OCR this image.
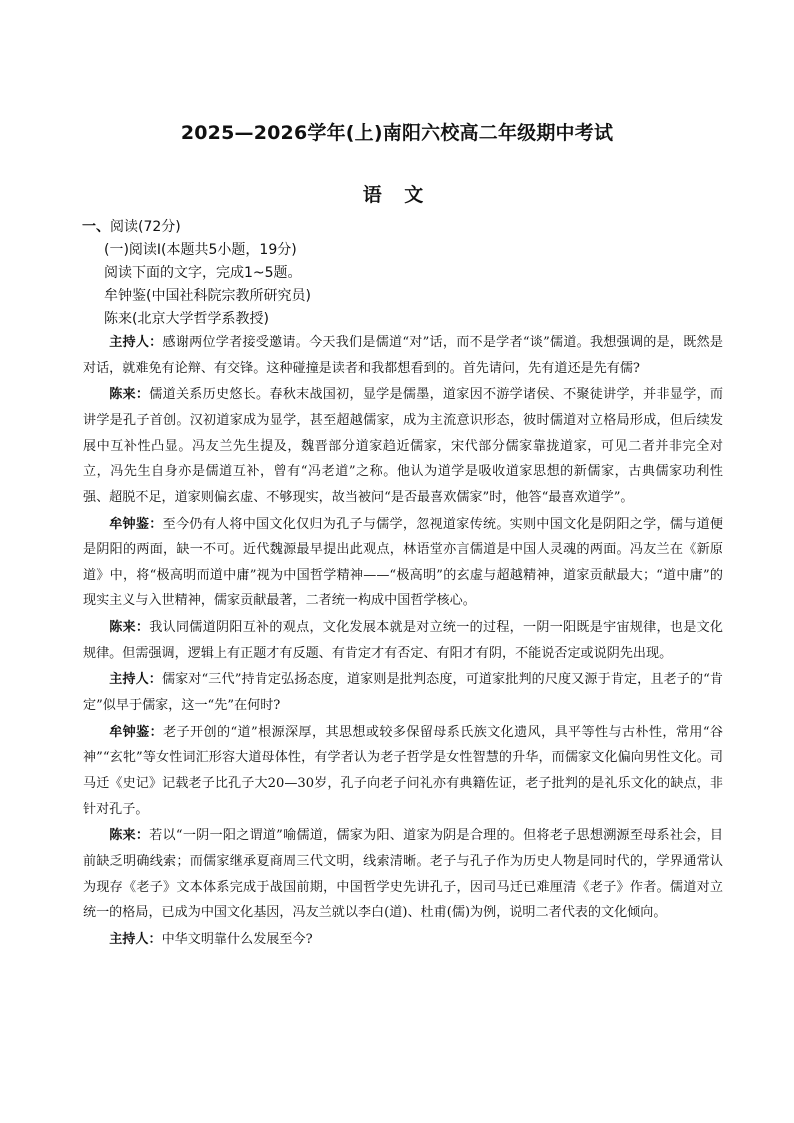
2025—2026学年(上)南阳六校高二年级期中考试
语 文
一、阅读(72分)
(一)阅读Ⅰ(本题共5小题，19分)
阅读下面的文字，完成1~5题。
牟钟鉴(中国社科院宗教所研究员)
陈来(北京大学哲学系教授)

主持人：感谢两位学者接受邀请。今天我们是儒道“对”话，而不是学者“谈”儒道。我想强调的是，既然是对话，就难免有论辩、有交锋。这种碰撞是读者和我都想看到的。首先请问，先有道还是先有儒?

陈来：儒道关系历史悠长。春秋末战国初，显学是儒墨，道家因不游学诸侯、不聚徒讲学，并非显学，而讲学是孔子首创。汉初道家成为显学，甚至超越儒家，成为主流意识形态，彼时儒道对立格局形成，但后续发展中互补性凸显。冯友兰先生提及，魏晋部分道家趋近儒家，宋代部分儒家靠拢道家，可见二者并非完全对立，冯先生自身亦是儒道互补，曾有“冯老道”之称。他认为道学是吸收道家思想的新儒家，古典儒家功利性强、超脱不足，道家则偏玄虚、不够现实，故当被问“是否最喜欢儒家”时，他答“最喜欢道学”。

牟钟鉴：至今仍有人将中国文化仅归为孔子与儒学，忽视道家传统。实则中国文化是阴阳之学，儒与道便是阴阳的两面，缺一不可。近代魏源最早提出此观点，林语堂亦言儒道是中国人灵魂的两面。冯友兰在《新原道》中，将“极高明而道中庸”视为中国哲学精神——“极高明”的玄虚与超越精神，道家贡献最大；“道中庸”的现实主义与入世精神，儒家贡献最著，二者统一构成中国哲学核心。

陈来：我认同儒道阴阳互补的观点，文化发展本就是对立统一的过程，一阴一阳既是宇宙规律，也是文化规律。但需强调，逻辑上有正题才有反题、有肯定才有否定、有阳才有阴，不能说否定或说阴先出现。

主持人：儒家对“三代”持肯定弘扬态度，道家则是批判态度，可道家批判的尺度又源于肯定，且老子的“肯定”似早于儒家，这一“先”在何时?

牟钟鉴：老子开创的“道”根源深厚，其思想或较多保留母系氏族文化遗风，具平等性与古朴性，常用“谷神”“玄牝”等女性词汇形容大道母体性，有学者认为老子哲学是女性智慧的升华，而儒家文化偏向男性文化。司马迁《史记》记载老子比孔子大20—30岁，孔子向老子问礼亦有典籍佐证，老子批判的是礼乐文化的缺点，非针对孔子。

陈来：若以“一阴一阳之谓道”喻儒道，儒家为阳、道家为阴是合理的。但将老子思想溯源至母系社会，目前缺乏明确线索；而儒家继承夏商周三代文明，线索清晰。老子与孔子作为历史人物是同时代的，学界通常认为现存《老子》文本体系完成于战国前期，中国哲学史先讲孔子，因司马迁已难厘清《老子》作者。儒道对立统一的格局，已成为中国文化基因，冯友兰就以李白(道)、杜甫(儒)为例，说明二者代表的文化倾向。

主持人：中华文明靠什么发展至今?
